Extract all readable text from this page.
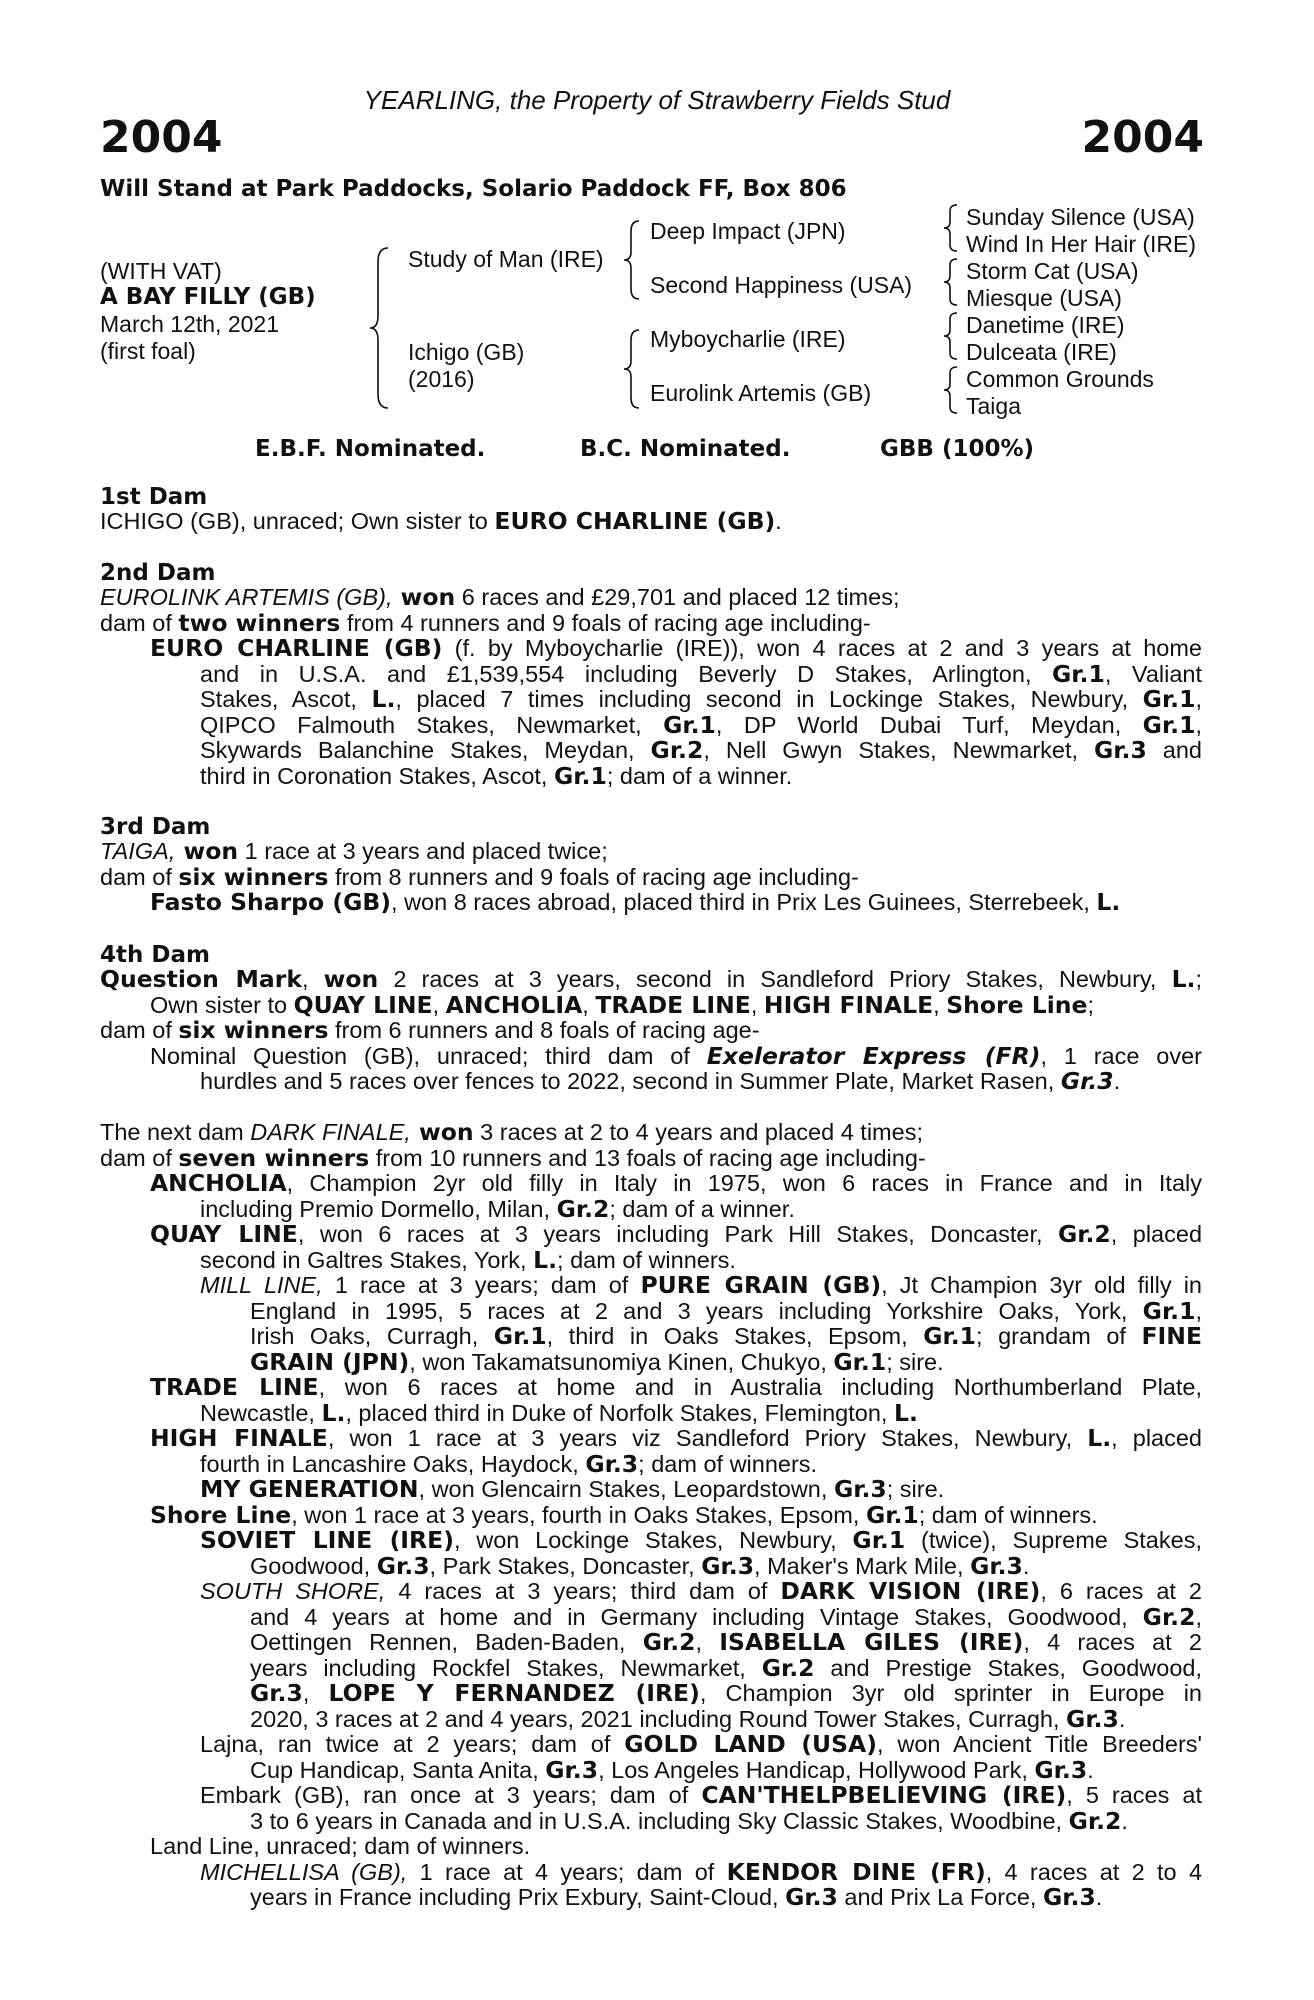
YEARLING, the Property of Strawberry Fields Stud
2004	2004
Will Stand at Park Paddocks, Solario Paddock FF, Box 806
(WITH VAT)
A BAY FILLY (GB)
March 12th, 2021
(first foal)
Study of Man (IRE)
Ichigo (GB)
(2016)
Deep Impact (JPN)
Second Happiness (USA)
Myboycharlie (IRE)
Eurolink Artemis (GB)
Sunday Silence (USA)
Wind In Her Hair (IRE)
Storm Cat (USA)
Miesque (USA)
Danetime (IRE)
Dulceata (IRE)
Common Grounds
Taiga
E.B.F. Nominated.	B.C. Nominated.	GBB (100%)
1st Dam
ICHIGO (GB), unraced; Own sister to EURO CHARLINE (GB).
2nd Dam
EUROLINK ARTEMIS (GB), won 6 races and £29,701 and placed 12 times;
dam of two winners from 4 runners and 9 foals of racing age including-
EURO CHARLINE (GB) (f. by Myboycharlie (IRE)), won 4 races at 2 and 3 years at home
and in U.S.A. and £1,539,554 including Beverly D Stakes, Arlington, Gr.1, Valiant
Stakes, Ascot, L., placed 7 times including second in Lockinge Stakes, Newbury, Gr.1,
QIPCO Falmouth Stakes, Newmarket, Gr.1, DP World Dubai Turf, Meydan, Gr.1,
Skywards Balanchine Stakes, Meydan, Gr.2, Nell Gwyn Stakes, Newmarket, Gr.3 and
third in Coronation Stakes, Ascot, Gr.1; dam of a winner.
3rd Dam
TAIGA, won 1 race at 3 years and placed twice;
dam of six winners from 8 runners and 9 foals of racing age including-
Fasto Sharpo (GB), won 8 races abroad, placed third in Prix Les Guinees, Sterrebeek, L.
4th Dam
Question Mark, won 2 races at 3 years, second in Sandleford Priory Stakes, Newbury, L.;
Own sister to QUAY LINE, ANCHOLIA, TRADE LINE, HIGH FINALE, Shore Line;
dam of six winners from 6 runners and 8 foals of racing age-
Nominal Question (GB), unraced; third dam of Exelerator Express (FR), 1 race over
hurdles and 5 races over fences to 2022, second in Summer Plate, Market Rasen, Gr.3.
The next dam DARK FINALE, won 3 races at 2 to 4 years and placed 4 times;
dam of seven winners from 10 runners and 13 foals of racing age including-
ANCHOLIA, Champion 2yr old filly in Italy in 1975, won 6 races in France and in Italy
including Premio Dormello, Milan, Gr.2; dam of a winner.
QUAY LINE, won 6 races at 3 years including Park Hill Stakes, Doncaster, Gr.2, placed
second in Galtres Stakes, York, L.; dam of winners.
MILL LINE, 1 race at 3 years; dam of PURE GRAIN (GB), Jt Champion 3yr old filly in
England in 1995, 5 races at 2 and 3 years including Yorkshire Oaks, York, Gr.1,
Irish Oaks, Curragh, Gr.1, third in Oaks Stakes, Epsom, Gr.1; grandam of FINE
GRAIN (JPN), won Takamatsunomiya Kinen, Chukyo, Gr.1; sire.
TRADE LINE, won 6 races at home and in Australia including Northumberland Plate,
Newcastle, L., placed third in Duke of Norfolk Stakes, Flemington, L.
HIGH FINALE, won 1 race at 3 years viz Sandleford Priory Stakes, Newbury, L., placed
fourth in Lancashire Oaks, Haydock, Gr.3; dam of winners.
MY GENERATION, won Glencairn Stakes, Leopardstown, Gr.3; sire.
Shore Line, won 1 race at 3 years, fourth in Oaks Stakes, Epsom, Gr.1; dam of winners.
SOVIET LINE (IRE), won Lockinge Stakes, Newbury, Gr.1 (twice), Supreme Stakes,
Goodwood, Gr.3, Park Stakes, Doncaster, Gr.3, Maker's Mark Mile, Gr.3.
SOUTH SHORE, 4 races at 3 years; third dam of DARK VISION (IRE), 6 races at 2
and 4 years at home and in Germany including Vintage Stakes, Goodwood, Gr.2,
Oettingen Rennen, Baden-Baden, Gr.2, ISABELLA GILES (IRE), 4 races at 2
years including Rockfel Stakes, Newmarket, Gr.2 and Prestige Stakes, Goodwood,
Gr.3, LOPE Y FERNANDEZ (IRE), Champion 3yr old sprinter in Europe in
2020, 3 races at 2 and 4 years, 2021 including Round Tower Stakes, Curragh, Gr.3.
Lajna, ran twice at 2 years; dam of GOLD LAND (USA), won Ancient Title Breeders'
Cup Handicap, Santa Anita, Gr.3, Los Angeles Handicap, Hollywood Park, Gr.3.
Embark (GB), ran once at 3 years; dam of CAN'THELPBELIEVING (IRE), 5 races at
3 to 6 years in Canada and in U.S.A. including Sky Classic Stakes, Woodbine, Gr.2.
Land Line, unraced; dam of winners.
MICHELLISA (GB), 1 race at 4 years; dam of KENDOR DINE (FR), 4 races at 2 to 4
years in France including Prix Exbury, Saint-Cloud, Gr.3 and Prix La Force, Gr.3.
